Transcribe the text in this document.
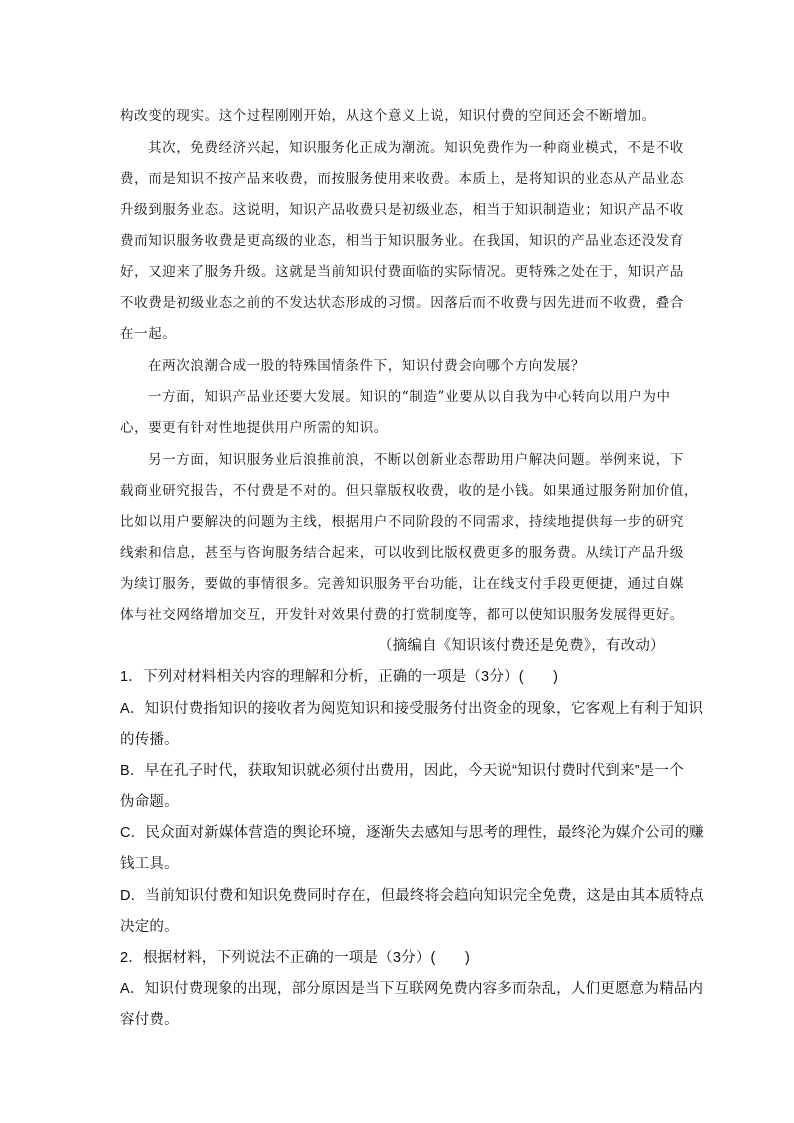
构改变的现实。这个过程刚刚开始，从这个意义上说，知识付费的空间还会不断增加。
其次，免费经济兴起，知识服务化正成为潮流。知识免费作为一种商业模式，不是不收
费，而是知识不按产品来收费，而按服务使用来收费。本质上，是将知识的业态从产品业态
升级到服务业态。这说明，知识产品收费只是初级业态，相当于知识制造业；知识产品不收
费而知识服务收费是更高级的业态，相当于知识服务业。在我国，知识的产品业态还没发育
好，又迎来了服务升级。这就是当前知识付费面临的实际情况。更特殊之处在于，知识产品
不收费是初级业态之前的不发达状态形成的习惯。因落后而不收费与因先进而不收费，叠合
在一起。
在两次浪潮合成一股的特殊国情条件下，知识付费会向哪个方向发展？
一方面，知识产品业还要大发展。知识的“制造”业要从以自我为中心转向以用户为中
心，要更有针对性地提供用户所需的知识。
另一方面，知识服务业后浪推前浪，不断以创新业态帮助用户解决问题。举例来说，下
载商业研究报告，不付费是不对的。但只靠版权收费，收的是小钱。如果通过服务附加价值，
比如以用户要解决的问题为主线，根据用户不同阶段的不同需求，持续地提供每一步的研究
线索和信息，甚至与咨询服务结合起来，可以收到比版权费更多的服务费。从续订产品升级
为续订服务，要做的事情很多。完善知识服务平台功能，让在线支付手段更便捷，通过自媒
体与社交网络增加交互，开发针对效果付费的打赏制度等，都可以使知识服务发展得更好。
（摘编自《知识该付费还是免费》，有改动）
1．下列对材料相关内容的理解和分析，正确的一项是（3分）(　　)
A．知识付费指知识的接收者为阅览知识和接受服务付出资金的现象，它客观上有利于知识
的传播。
B．早在孔子时代，获取知识就必须付出费用，因此，今天说“知识付费时代到来”是一个
伪命题。
C．民众面对新媒体营造的舆论环境，逐渐失去感知与思考的理性，最终沦为媒介公司的赚
钱工具。
D．当前知识付费和知识免费同时存在，但最终将会趋向知识完全免费，这是由其本质特点
决定的。
2．根据材料，下列说法不正确的一项是（3分）(　　)
A．知识付费现象的出现，部分原因是当下互联网免费内容多而杂乱，人们更愿意为精品内
容付费。
